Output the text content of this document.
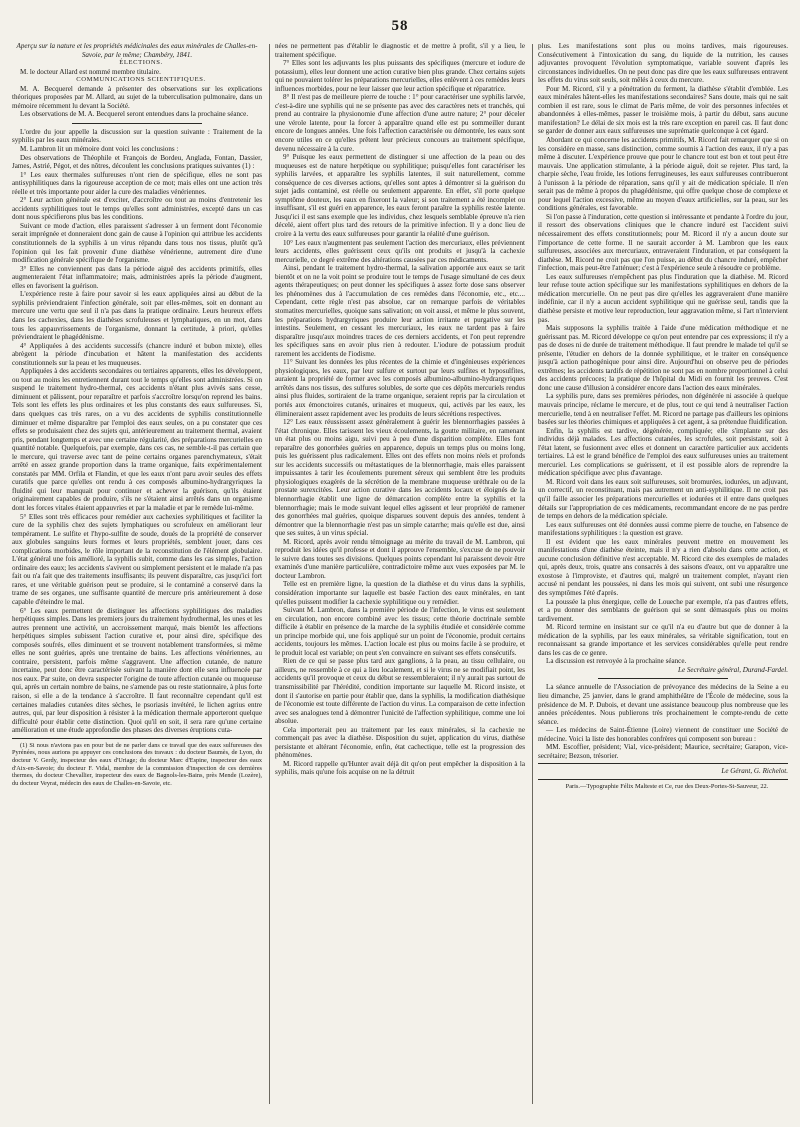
58

Aperçu sur la nature et les propriétés médicinales des eaux minérales de Challes-en-Savoie, par le même; Chambéry, 1841.

ÉLECTIONS.

M. le docteur Allard est nommé membre titulaire.

COMMUNICATIONS SCIENTIFIQUES.

M. A. Becquerel demande à présenter des observations sur les explications théoriques proposées par M. Allard, au sujet de la tuberculisation pulmonaire, dans un mémoire récemment lu devant la Société.

Les observations de M. A. Becquerel seront entendues dans la prochaine séance.

L'ordre du jour appelle la discussion sur la question suivante : Traitement de la syphilis par les eaux minérales.

M. Lambron lit un mémoire dont voici les conclusions :

Des observations de Théophile et François de Bordeu, Anglada, Fontan, Dassier, James, Astrié, Pégot, et des nôtres, découlent les conclusions pratiques suivantes (1) :

1° Les eaux thermales sulfureuses n'ont rien de spécifique, elles ne sont pas antisyphilitiques dans la rigoureuse acception de ce mot; mais elles ont une action très réelle et très importante pour aider la cure des maladies vénériennes.

2° Leur action générale est d'exciter, d'accroître ou tout au moins d'entretenir les accidents syphilitiques tout le temps qu'elles sont administrées, excepté dans un cas dont nous spécifierons plus bas les conditions.

Suivant ce mode d'action, elles paraissent s'adresser à un ferment dont l'économie serait imprégnée et donneraient donc gain de cause à l'opinion qui attribue les accidents constitutionnels de la syphilis à un virus répandu dans tous nos tissus, plutôt qu'à l'opinion qui les fait provenir d'une diathèse vénérienne, autrement dire d'une modification générale spécifique de l'organisme.

3° Elles ne conviennent pas dans la période aiguë des accidents primitifs, elles augmenteraient l'état inflammatoire; mais, administrées après la période d'augment, elles en favorisent la guérison.

L'expérience reste à faire pour savoir si les eaux appliquées ainsi au début de la syphilis préviendraient l'infection générale, soit par elles-mêmes, soit en donnant au mercure une vertu que seul il n'a pas dans la pratique ordinaire. Leurs heureux effets dans les cachexies, dans les diathèses scrofuleuses et lymphatiques, en un mot, dans tous les appauvrissements de l'organisme, donnant la certitude, à priori, qu'elles préviendraient le phagédénisme.

4° Appliquées à des accidents successifs (chancre induré et bubon mixte), elles abrègent la période d'incubation et hâtent la manifestation des accidents constitutionnels sur la peau et les muqueuses.

Appliquées à des accidents secondaires ou tertiaires apparents, elles les développent, ou tout au moins les entretiennent durant tout le temps qu'elles sont administrées. Si on suspend le traitement hydro-thermal, ces accidents n'étant plus avivés sans cesse, diminuent et pâlissent, pour reparaître et parfois s'accroître lorsqu'on reprend les bains. Tels sont les effets les plus ordinaires et les plus constants des eaux sulfureuses. Si, dans quelques cas très rares, on a vu des accidents de syphilis constitutionnelle diminuer et même disparaître par l'emploi des eaux seules, on a pu constater que ces effets se produisaient chez des sujets qui, antérieurement au traitement thermal, avaient pris, pendant longtemps et avec une certaine régularité, des préparations mercurielles en quantité notable. Quelquefois, par exemple, dans ces cas, ne semble-t-il pas certain que le mercure, qui traverse avec tant de peine certains organes parenchymateux, s'était arrêté en assez grande proportion dans la trame organique, faits expérimentalement constatés par MM. Orfila et Flandin, et que les eaux n'ont paru avoir seules des effets curatifs que parce qu'elles ont rendu à ces composés albumino-hydrargyriques la fluidité qui leur manquait pour continuer et achever la guérison, qu'ils étaient originairement capables de produire, s'ils ne s'étaient ainsi arrêtés dans un organisme dont les forces vitales étaient appauvries et par la maladie et par le remède lui-même.

5° Elles sont très efficaces pour remédier aux cachexies syphilitiques et faciliter la cure de la syphilis chez des sujets lymphatiques ou scrofuleux en améliorant leur tempérament. Le sulfite et l'hypo-sulfite de soude, doués de la propriété de conserver aux globules sanguins leurs formes et leurs propriétés, semblent jouer, dans ces complications morbides, le rôle important de la reconstitution de l'élément globulaire. L'état général une fois amélioré, la syphilis subit, comme dans les cas simples, l'action ordinaire des eaux; les accidents s'avivent ou simplement persistent et le malade n'a pas fait ou n'a fait que des traitements insuffisants; ils peuvent disparaître, cas jusqu'ici fort rares, et une véritable guérison peut se produire, si le contaminé a conservé dans la trame de ses organes, une suffisante quantité de mercure pris antérieurement à dose capable d'éteindre le mal.

6° Les eaux permettent de distinguer les affections syphilitiques des maladies herpétiques simples. Dans les premiers jours du traitement hydrothermal, les unes et les autres prennent une activité, un accroissement marqué, mais bientôt les affections herpétiques simples subissent l'action curative et, pour ainsi dire, spécifique des composés soufrés, elles diminuent et se trouvent notablement transformées, si même elles ne sont guéries, après une trentaine de bains. Les affections vénériennes, au contraire, persistent, parfois même s'aggravent. Une affection cutanée, de nature incertaine, peut donc être caractérisée suivant la manière dont elle sera influencée par nos eaux. Par suite, on devra suspecter l'origine de toute affection cutanée ou muqueuse qui, après un certain nombre de bains, ne s'amende pas ou reste stationnaire, à plus forte raison, si elle a de la tendance à s'accroître. Il faut reconnaître cependant qu'il est certaines maladies cutanées dites sèches, le psoriasis invétéré, le lichen agrius entre autres, qui, par leur disposition à résister à la médication thermale apporteront quelque difficulté pour établir cette distinction. Quoi qu'il en soit, il sera rare qu'une certaine amélioration et une étude approfondie des phases des diverses éruptions cuta-

(1) Si nous n'avions pas en pour but de ne parler dans ce travail que des eaux sulfureuses des Pyrénées, nous aurions pu appuyer ces conclusions des travaux : du docteur Baumès, de Lyon, du docteur V. Gerdy, inspecteur des eaux d'Uriage; du docteur Marc d'Espine, inspecteur des eaux d'Aix-en-Savoie; du docteur F. Vidal, membre de la commission d'inspection de ces dernières thermes, du docteur Chevallier, inspecteur des eaux de Bagnols-les-Bains, près Mende (Lozère), du docteur Veyrat, médecin des eaux de Challes-en-Savoie, etc.

nées ne permettent pas d'établir le diagnostic et de mettre à profit, s'il y a lieu, le traitement spécifique.

7° Elles sont les adjuvants les plus puissants des spécifiques (mercure et iodure de potassium), elles leur donnent une action curative bien plus grande. Chez certains sujets qui ne pouvaient tolérer les préparations mercurielles, elles enlèvent à ces remèdes leurs influences morbides, pour ne leur laisser que leur action spécifique et réparatrice.

8° Il n'est pas de meilleure pierre de touche : 1° pour caractériser une syphilis larvée, c'est-à-dire une syphilis qui ne se présente pas avec des caractères nets et tranchés, qui prend au contraire la physionomie d'une affection d'une autre nature; 2° pour déceler une vérole latente, pour la forcer à apparaître quand elle est pu sommeiller durant encore de longues années. Une fois l'affection caractérisée ou démontrée, les eaux sont encore utiles en ce qu'elles prêtent leur précieux concours au traitement spécifique, devenu nécessaire à la cure.

9° Puisque les eaux permettent de distinguer si une affection de la peau ou des muqueuses est de nature herpétique ou syphilitique; puisqu'elles font caractériser les syphilis larvées, et apparaître les syphilis latentes, il suit naturellement, comme conséquence de ces diverses actions, qu'elles sont aptes à démontrer si la guérison du sujet jadis contaminé, est réelle ou seulement apparente. En effet, s'il porte quelque symptôme douteux, les eaux en fixeront la valeur; si son traitement a été incomplet ou insuffisant, s'il est guéri en apparence, les eaux feront paraître la syphilis restée latente. Jusqu'ici il est sans exemple que les individus, chez lesquels semblable épreuve n'a rien décelé, aient offert plus tard des retours de la primitive infection. Il y a donc lieu de croire à la vertu des eaux sulfureuses pour garantir la réalité d'une guérison.

10° Les eaux n'augmentent pas seulement l'action des mercuriaux, elles préviennent leurs accidents, elles guérissent ceux qu'ils ont produits et jusqu'à la cachexie mercurielle, ce degré extrême des altérations causées par ces médicaments.

Ainsi, pendant le traitement hydro-thermal, la salivation apportée aux eaux se tarit bientôt et on ne la voit point se produire tout le temps de l'usage simultané de ces deux agents thérapeutiques; on peut donner les spécifiques à assez forte dose sans observer les phénomènes dus à l'accumulation de ces remèdes dans l'économie, etc., etc.... Cependant, cette règle n'est pas absolue, car on remarque parfois de véritables stomatites mercurielles, quoique sans salivation; on voit aussi, et même le plus souvent, les préparations hydrargyriques produire leur action irritante et purgative sur les intestins. Seulement, en cessant les mercuriaux, les eaux ne tardent pas à faire disparaître jusqu'aux moindres traces de ces derniers accidents, et l'on peut reprendre les spécifiques sans en avoir plus rien à redouter. L'iodure de potassium produit rarement les accidents de l'iodisme.

11° Suivant les données les plus récentes de la chimie et d'ingénieuses expériences physiologiques, les eaux, par leur sulfure et surtout par leurs sulfites et hyposulfites, auraient la propriété de former avec les composés albumino-albumino-hydrargyriques arrêtés dans nos tissus, des sulfures solubles, de sorte que ces dépôts mercuriels rendus ainsi plus fluides, sortiraient de la trame organique, seraient repris par la circulation et portés aux émonctoires cutanés, urinaires et muqueux, qui, activés par les eaux, les élimineraient assez rapidement avec les produits de leurs sécrétions respectives.

12° Les eaux réussissent assez généralement à guérir les blennorrhagies passées à l'état chronique. Elles tarissent les vieux écoulements, la goutte militaire, en ramenant un état plus ou moins aigu, suivi peu à peu d'une disparition complète. Elles font reparaître des gonorrhées guéries en apparence, depuis un temps plus ou moins long, puis les guérissent plus radicalement. Elles ont des effets non moins réels et profonds sur les accidents successifs ou métastatiques de la blennorrhagie, mais elles paraissent impuissantes à tarir les écoulements purement séreux qui semblent être les produits physiologiques exagérés de la sécrétion de la membrane muqueuse uréthrale ou de la prostate surexcitées. Leur action curative dans les accidents locaux et éloignés de la blennorrhagie établit une ligne de démarcation complète entre la syphilis et la blennorrhagie; mais le mode suivant lequel elles agissent et leur propriété de ramener des gonorrhées mal guéries, quoique disparues souvent depuis des années, tendent à démontrer que la blennorrhagie n'est pas un simple catarrhe; mais qu'elle est due, ainsi que ses suites, à un virus spécial.

M. Ricord, après avoir rendu témoignage au mérite du travail de M. Lambron, qui reproduit les idées qu'il professe et dont il approuve l'ensemble, s'excuse de ne pouvoir le suivre dans toutes ses divisions. Quelques points cependant lui paraissent devoir être examinés d'une manière particulière, contradictoire même aux vues exposées par M. le docteur Lambron.

Telle est en première ligne, la question de la diathèse et du virus dans la syphilis, considération importante sur laquelle est basée l'action des eaux minérales, en tant qu'elles puissent modifier la cachexie syphilitique ou y remédier.

Suivant M. Lambron, dans la première période de l'infection, le virus est seulement en circulation, non encore combiné avec les tissus; cette théorie doctrinale semble difficile à établir en présence de la marche de la syphilis étudiée et considérée comme un principe morbide qui, une fois appliqué sur un point de l'économie, produit certains accidents, toujours les mêmes. L'action locale est plus ou moins facile à se produire, et le produit local est variable; on peut s'en convaincre en suivant ses effets consécutifs.

Rien de ce qui se passe plus tard aux ganglions, à la peau, au tissu cellulaire, ou ailleurs, ne ressemble à ce qui a lieu localement, et si le virus ne se modifiait point, les accidents qu'il provoque et ceux du début se ressembleraient; il n'y aurait pas surtout de transmissibilité par l'hérédité, condition importante sur laquelle M. Ricord insiste, et dont il s'autorise en partie pour établir que, dans la syphilis, la modification diathésique de l'économie est toute différente de l'action du virus. La comparaison de cette infection avec ses analogues tend à démontrer l'unicité de l'affection syphilitique, comme une loi absolue.

Cela importerait peu au traitement par les eaux minérales, si la cachexie ne commençait pas avec la diathèse. Disposition du sujet, application du virus, diathèse persistante et altérant l'économie, enfin, état cachectique, telle est la progression des phénomènes.

M. Ricord rappelle qu'Hunter avait déjà dit qu'on peut empêcher la disposition à la syphilis, mais qu'une fois acquise on ne la détruit

plus. Les manifestations sont plus ou moins tardives, mais rigoureuses. Consécutivement à l'intoxication du sang, du liquide de la nutrition, les causes adjuvantes provoquent l'évolution symptomatique, variable souvent d'après les circonstances individuelles. On ne peut donc pas dire que les eaux sulfureuses entravent les effets du virus soit seuls, soit mêlés à ceux du mercure.

Pour M. Ricord, s'il y a pénétration du ferment, la diathèse s'établit d'emblée. Les eaux minérales hâtent-elles les manifestations secondaires? Sans doute, mais qui ne sait combien il est rare, sous le climat de Paris même, de voir des personnes infectées et abandonnées à elles-mêmes, passer le troisième mois, à partir du début, sans aucune manifestation? Le délai de six mois est la très rare exception en pareil cas. Il faut donc se garder de donner aux eaux sulfureuses une suprématie quelconque à cet égard.

Abordant ce qui concerne les accidents primitifs, M. Ricord fait remarquer que si on les considère en masse, sans distinction, comme soumis à l'action des eaux, il n'y a pas même à discuter. L'expérience prouve que pour le chancre tout est bon et tout peut être mauvais. Une application stimulante, à la période aiguë, doit se rejeter. Plus tard, la charpie sèche, l'eau froide, les lotions ferrugineuses, les eaux sulfureuses contribueront à l'unisson à la période de réparation, sans qu'il y ait de médication spéciale. Il n'en serait pas de même à propos du phagédénisme, qui offre quelque chose de complexe et pour lequel l'action excessive, même au moyen d'eaux artificielles, sur la peau, sur les conditions générales, est favorable.

Si l'on passe à l'induration, cette question si intéressante et pendante à l'ordre du jour, il ressort des observations cliniques que le chancre induré est l'accident suivi nécessairement des effets constitutionnels; pour M. Ricord il n'y a aucun doute sur l'importance de cette forme. Il ne saurait accorder à M. Lambron que les eaux sulfureuses, associées aux mercuriaux, entraveraient l'induration, et par conséquent la diathèse. M. Ricord ne croit pas que l'on puisse, au début du chancre induré, empêcher l'infection, mais peut-être l'atténuer; c'est à l'expérience seule à résoudre ce problème.

Les eaux sulfureuses n'empêchent pas plus l'induration que la diathèse. M. Ricord leur refuse toute action spécifique sur les manifestations syphilitiques en dehors de la médication mercurielle. On ne peut pas dire qu'elles les aggraveraient d'une manière indéfinie, car il n'y a aucun accident syphilitique qui ne guérisse seul, tandis que la diathèse persiste et motive leur reproduction, leur aggravation même, si l'art n'intervient pas.

Mais supposons la syphilis traitée à l'aide d'une médication méthodique et ne guérissant pas. M. Ricord développe ce qu'on peut entendre par ces expressions; il n'y a pas de doses ni de durée de traitement méthodique. Il faut prendre le malade tel qu'il se présente, l'étudier en dehors de la donnée syphilitique, et le traiter en conséquence jusqu'à action pathogénique pour ainsi dire. Aujourd'hui on observe peu de périodes extrêmes; les accidents tardifs de répétition ne sont pas en nombre proportionnel à celui des accidents précoces; la pratique de l'hôpital du Midi en fournit les preuves. C'est donc une cause d'illusion à considérer encore dans l'action des eaux minérales.

La syphilis pure, dans ses premières périodes, non dégénérée ni associée à quelque mauvais principe, réclame le mercure, et de plus, tout ce qui tend à neutraliser l'action mercurielle, tend à en neutraliser l'effet. M. Ricord ne partage pas d'ailleurs les opinions basées sur les théories chimiques et appliquées à cet agent, à sa prétendue fluidification.

Enfin, la syphilis est tardive, dégénérée, compliquée; elle s'implante sur des individus déjà malades. Les affections cutanées, les scrofules, soit persistant, soit à l'état latent, se fusionnent avec elles et donnent un caractère particulier aux accidents tertiaires. Là est le grand bénéfice de l'emploi des eaux sulfureuses unies au traitement mercuriel. Les complications se guérissent, et il est possible alors de reprendre la médication spécifique avec plus d'avantage.

M. Ricord voit dans les eaux soit sulfureuses, soit bromurées, iodurées, un adjuvant, un correctif, un reconstituant, mais pas autrement un anti-syphilitique. Il ne croit pas qu'il faille associer les préparations mercurielles et iodurées et il entre dans quelques détails sur l'appropriation de ces médicaments, recommandant encore de ne pas perdre de temps en dehors de la médication spéciale.

Les eaux sulfureuses ont été données aussi comme pierre de touche, en l'absence de manifestations syphilitiques : la question est grave.

Il est évident que les eaux minérales peuvent mettre en mouvement les manifestations d'une diathèse éteinte, mais il n'y a rien d'absolu dans cette action, et aucune conclusion définitive n'est acceptable. M. Ricord cite des exemples de malades qui, après deux, trois, quatre ans consacrés à des saisons d'eaux, ont vu apparaître une exostose à l'improviste, et d'autres qui, malgré un traitement complet, n'ayant rien accusé ni pendant les poussées, ni dans les mois qui suivent, ont subi une résurgence des symptômes l'été d'après.

La poussée la plus énergique, celle de Loueche par exemple, n'a pas d'autres effets, et a pu donner des semblants de guérison qui se sont démasqués plus ou moins tardivement.

M. Ricord termine en insistant sur ce qu'il n'a eu d'autre but que de donner à la médication de la syphilis, par les eaux minérales, sa véritable signification, tout en reconnaissant sa grande importance et les services considérables qu'elle peut rendre dans les cas de ce genre.

La discussion est renvoyée à la prochaine séance.

Le Secrétaire général, Durand-Fardel.

La séance annuelle de l'Association de prévoyance des médecins de la Seine a eu lieu dimanche, 25 janvier, dans le grand amphithéâtre de l'École de médecine, sous la présidence de M. P. Dubois, et devant une assistance beaucoup plus nombreuse que les années précédentes. Nous publierons très prochainement le compte-rendu de cette séance.

— Les médecins de Saint-Étienne (Loire) viennent de constituer une Société de médecine. Voici la liste des honorables confrères qui composent son bureau :

MM. Escoffier, président; Vial, vice-président; Maurice, secrétaire; Garapon, vice-secrétaire; Bezson, trésorier.

Le Gérant, G. Richelot.

Paris.—Typographie Félix Malteste et Ce, rue des Deux-Portes-St-Sauveur, 22.
